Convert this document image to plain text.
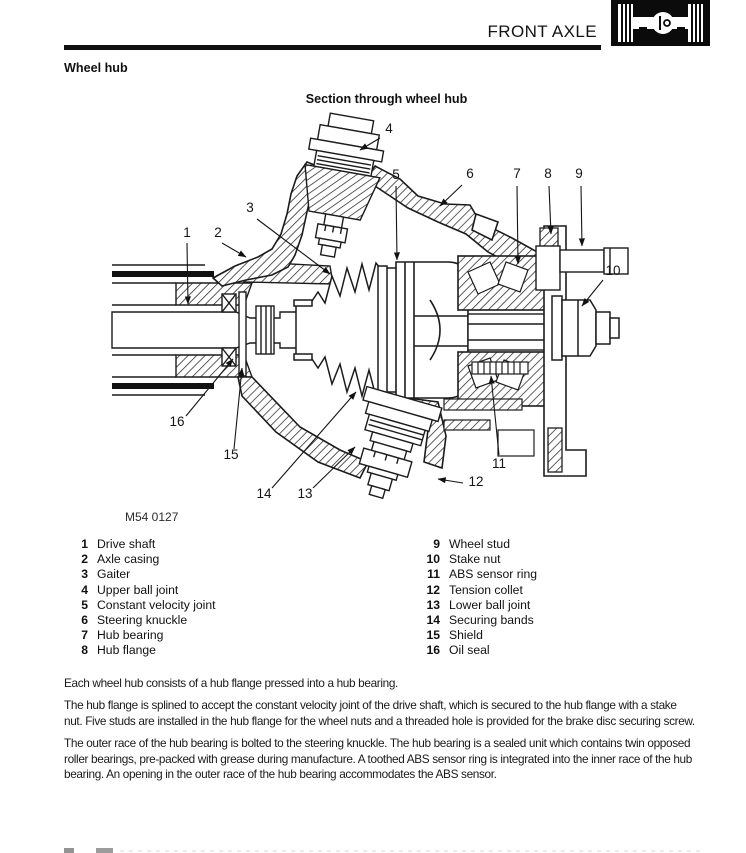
FRONT AXLE
Wheel hub
Section through wheel hub
1 2
3
4
5	6	7 8 9
10
11
12
13
14
15
16
M54 0127
1 Drive shaft
2 Axle casing
3 Gaiter
4 Upper ball joint
5 Constant velocity joint
6 Steering knuckle
7 Hub bearing
8 Hub flange
9 Wheel stud
10 Stake nut
11 ABS sensor ring
12 Tension collet
13 Lower ball joint
14 Securing bands
15 Shield
16 Oil seal

Each wheel hub consists of a hub flange pressed into a hub bearing.

The hub flange is splined to accept the constant velocity joint of the drive shaft, which is secured to the hub flange with a stake nut. Five studs are installed in the hub flange for the wheel nuts and a threaded hole is provided for the brake disc securing screw.

The outer race of the hub bearing is bolted to the steering knuckle. The hub bearing is a sealed unit which contains twin opposed roller bearings, pre-packed with grease during manufacture. A toothed ABS sensor ring is integrated into the inner race of the hub bearing. An opening in the outer race of the hub bearing accommodates the ABS sensor.
